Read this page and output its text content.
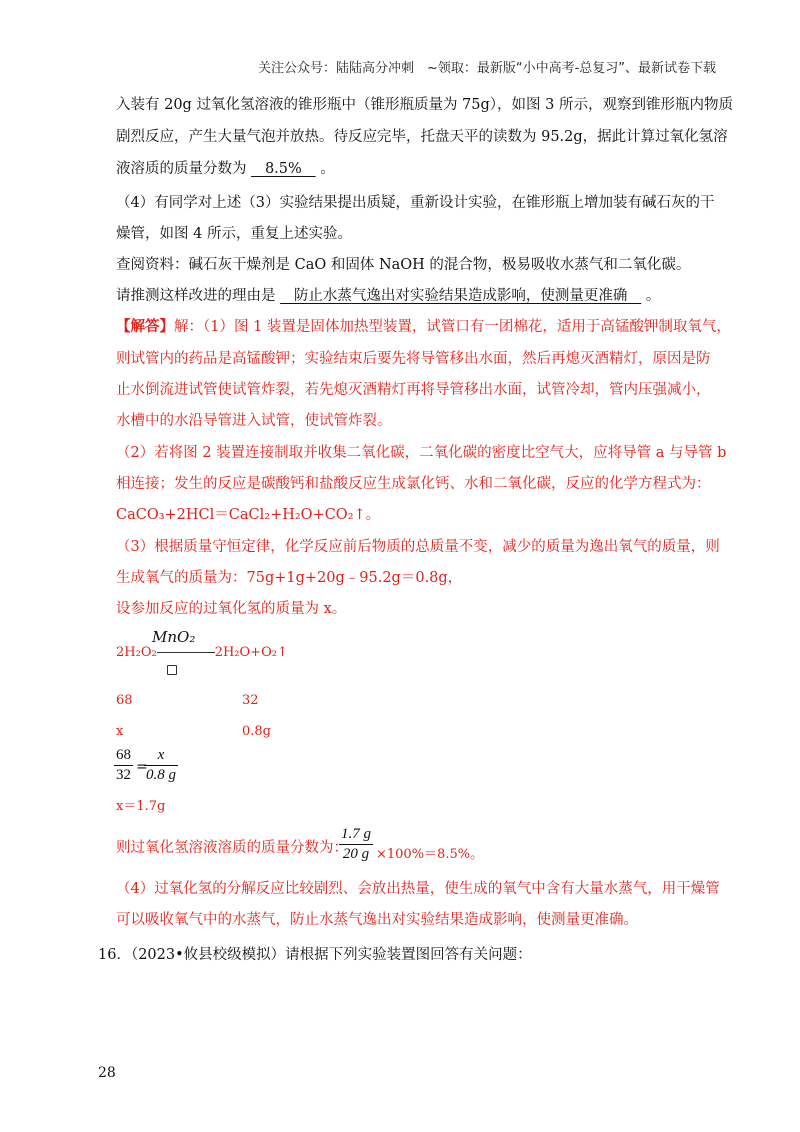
关注公众号：陆陆高分冲刺　~领取：最新版“小中高考-总复习”、最新试卷下载
入装有 20g 过氧化氢溶液的锥形瓶中（锥形瓶质量为 75g），如图 3 所示，观察到锥形瓶内物质
剧烈反应，产生大量气泡并放热。待反应完毕，托盘天平的读数为 95.2g，据此计算过氧化氢溶
液溶质的质量分数为 8.5% 。
（4）有同学对上述（3）实验结果提出质疑，重新设计实验，在锥形瓶上增加装有碱石灰的干
燥管，如图 4 所示，重复上述实验。
查阅资料：碱石灰干燥剂是 CaO 和固体 NaOH 的混合物，极易吸收水蒸气和二氧化碳。
请推测这样改进的理由是 防止水蒸气逸出对实验结果造成影响，使测量更准确 。
【解答】解：（1）图 1 装置是固体加热型装置，试管口有一团棉花，适用于高锰酸钾制取氧气，
则试管内的药品是高锰酸钾；实验结束后要先将导管移出水面，然后再熄灭酒精灯，原因是防
止水倒流进试管使试管炸裂，若先熄灭酒精灯再将导管移出水面，试管冷却，管内压强减小，
水槽中的水沿导管进入试管，使试管炸裂。
（2）若将图 2 装置连接制取并收集二氧化碳，二氧化碳的密度比空气大，应将导管 a 与导管 b
相连接；发生的反应是碳酸钙和盐酸反应生成氯化钙、水和二氧化碳，反应的化学方程式为：
CaCO₃+2HCl＝CaCl₂+H₂O+CO₂↑。
（3）根据质量守恒定律，化学反应前后物质的总质量不变，减少的质量为逸出氧气的质量，则
生成氧气的质量为：75g+1g+20g﹣95.2g＝0.8g，
设参加反应的过氧化氢的质量为 x。
MnO₂
2H₂O₂	2H₂O+O₂↑
68	32
x	0.8g
$\frac{68}{32}$ =
$\frac{x}{0.8 g}$
x＝1.7g
则过氧化氢溶液溶质的质量分数为：
$\frac{1.7 g}{20 g} \times 100\%=8.5\%$。
（4）过氧化氢的分解反应比较剧烈、会放出热量，使生成的氧气中含有大量水蒸气，用干燥管
可以吸收氧气中的水蒸气，防止水蒸气逸出对实验结果造成影响，使测量更准确。
16．（2023•攸县校级模拟）请根据下列实验装置图回答有关问题：
28
